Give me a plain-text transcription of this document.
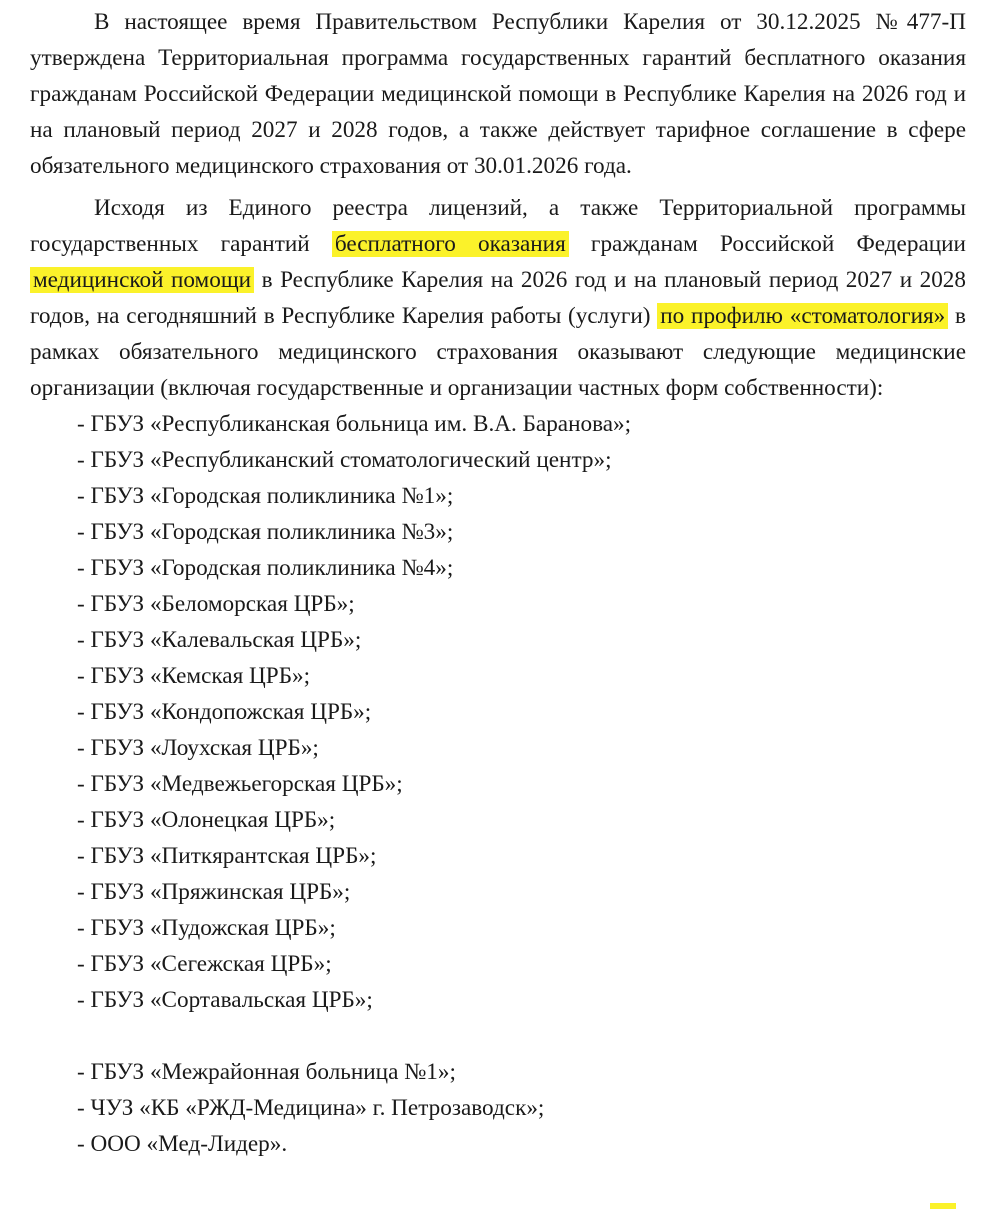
В настоящее время Правительством Республики Карелия от 30.12.2025 №477-П утверждена Территориальная программа государственных гарантий бесплатного оказания гражданам Российской Федерации медицинской помощи в Республике Карелия на 2026 год и на плановый период 2027 и 2028 годов, а также действует тарифное соглашение в сфере обязательного медицинского страхования от 30.01.2026 года.

Исходя из Единого реестра лицензий, а также Территориальной программы государственных гарантий бесплатного оказания гражданам Российской Федерации медицинской помощи в Республике Карелия на 2026 год и на плановый период 2027 и 2028 годов, на сегодняшний в Республике Карелия работы (услуги) по профилю «стоматология» в рамках обязательного медицинского страхования оказывают следующие медицинские организации (включая государственные и организации частных форм собственности):

- ГБУЗ «Республиканская больница им. В.А. Баранова»;
- ГБУЗ «Республиканский стоматологический центр»;
- ГБУЗ «Городская поликлиника №1»;
- ГБУЗ «Городская поликлиника №3»;
- ГБУЗ «Городская поликлиника №4»;
- ГБУЗ «Беломорская ЦРБ»;
- ГБУЗ «Калевальская ЦРБ»;
- ГБУЗ «Кемская ЦРБ»;
- ГБУЗ «Кондопожская ЦРБ»;
- ГБУЗ «Лоухская ЦРБ»;
- ГБУЗ «Медвежьегорская ЦРБ»;
- ГБУЗ «Олонецкая ЦРБ»;
- ГБУЗ «Питкярантская ЦРБ»;
- ГБУЗ «Пряжинская ЦРБ»;
- ГБУЗ «Пудожская ЦРБ»;
- ГБУЗ «Сегежская ЦРБ»;
- ГБУЗ «Сортавальская ЦРБ»;
- ГБУЗ «Межрайонная больница №1»;
- ЧУЗ «КБ «РЖД-Медицина» г. Петрозаводск»;
- ООО «Мед-Лидер».
